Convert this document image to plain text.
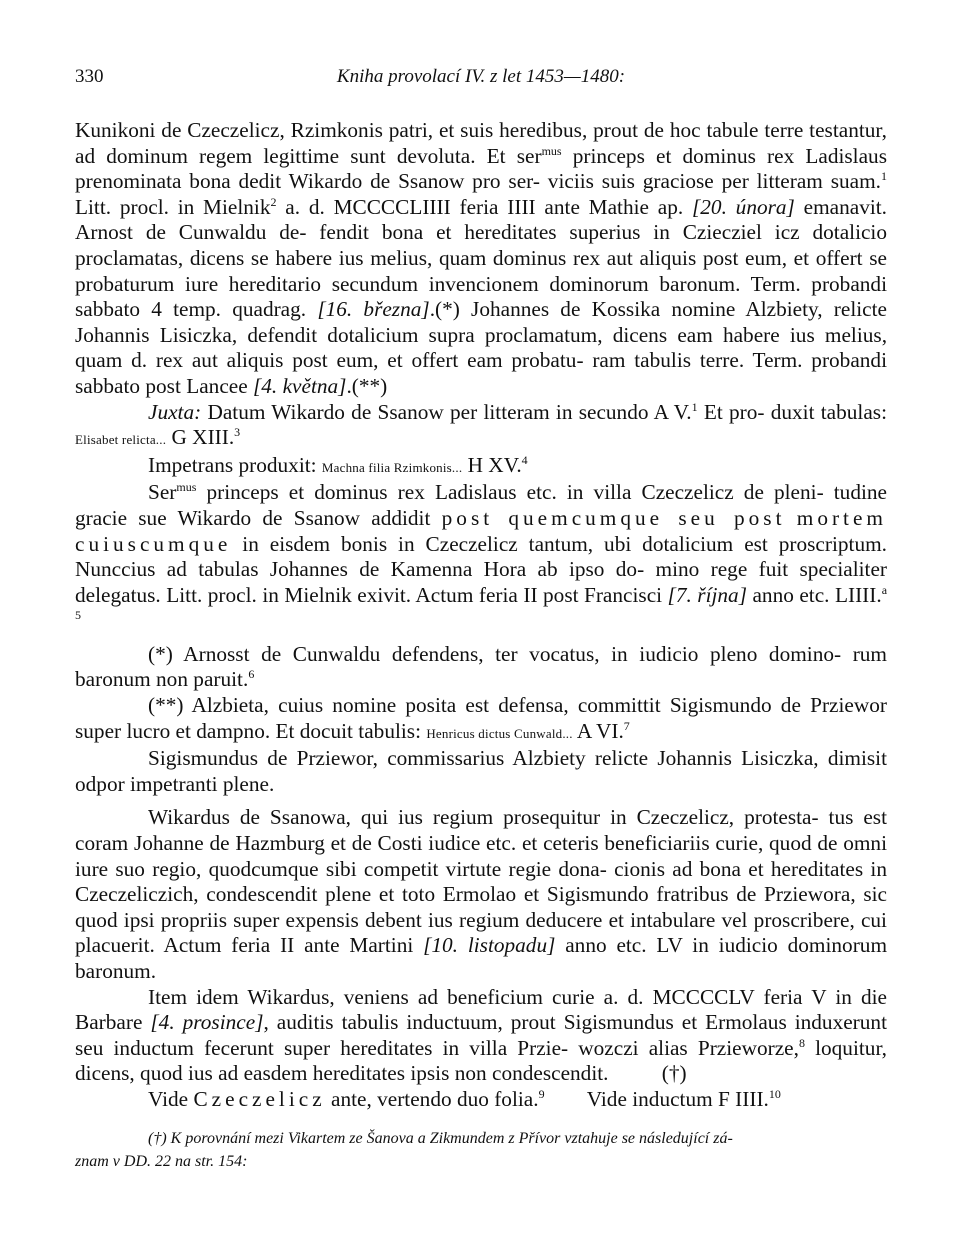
330	Kniha provolací IV. z let 1453—1480:

Kunikoni de Czeczelicz, Rzimkonis patri, et suis heredibus, prout de hoc tabule terre testantur, ad dominum regem legittime sunt devoluta. Et ser$^{mus}$ princeps et dominus rex Ladislaus prenominata bona dedit Wikardo de Ssanow pro ser- viciis suis graciose per litteram suam.$^1$ Litt. procl. in Mielnik$^2$ a. d. MCCCCLIIII feria IIII ante Mathie ap. [20. února] emanavit. Arnost de Cunwaldu de- fendit bona et hereditates superius in Cziecziel icz dotalicio proclamatas, dicens se habere ius melius, quam dominus rex aut aliquis post eum, et offert se probaturum iure hereditario secundum invencionem dominorum baronum. Term. probandi sabbato 4 temp. quadrag. [16. března].(*) Johannes de Kossika nomine Alzbiety, relicte Johannis Lisiczka, defendit dotalicium supra proclamatum, dicens eam habere ius melius, quam d. rex aut aliquis post eum, et offert eam probatu- ram tabulis terre. Term. probandi sabbato post Lancee [4. května].(**)

Juxta: Datum Wikardo de Ssanow per litteram in secundo A V.$^1$ Et pro- duxit tabulas: Elisabet relicta... G XIII.$^3$

Impetrans produxit: Machna filia Rzimkonis... H XV.$^4$

Ser$^{mus}$ princeps et dominus rex Ladislaus etc. in villa Czeczelicz de pleni- tudine gracie sue Wikardo de Ssanow addidit post quemcumque seu post mortem cuiuscumque in eisdem bonis in Czeczelicz tantum, ubi dotalicium est proscriptum. Nunccius ad tabulas Johannes de Kamenna Hora ab ipso do- mino rege fuit specialiter delegatus. Litt. procl. in Mielnik exivit. Actum feria II post Francisci [7. října] anno etc. LIIII.$^{a 5}$

(*) Arnosst de Cunwaldu defendens, ter vocatus, in iudicio pleno domino- rum baronum non paruit.$^6$

(**) Alzbieta, cuius nomine posita est defensa, committit Sigismundo de Prziewor super lucro et dampno. Et docuit tabulis: Henricus dictus Cunwald... A VI.$^7$

Sigismundus de Prziewor, commissarius Alzbiety relicte Johannis Lisiczka, dimisit odpor impetranti plene.

Wikardus de Ssanowa, qui ius regium prosequitur in Czeczelicz, protesta- tus est coram Johanne de Hazmburg et de Costi iudice etc. et ceteris beneficiariis curie, quod de omni iure suo regio, quodcumque sibi competit virtute regie dona- cionis ad bona et hereditates in Czeczeliczich, condescendit plene et toto Ermolao et Sigismundo fratribus de Prziewora, sic quod ipsi propriis super expensis debent ius regium deducere et intabulare vel proscribere, cui placuerit. Actum feria II ante Martini [10. listopadu] anno etc. LV in iudicio dominorum baronum.

Item idem Wikardus, veniens ad beneficium curie a. d. MCCCCLV feria V in die Barbare [4. prosince], auditis tabulis inductuum, prout Sigismundus et Ermolaus induxerunt seu inductum fecerunt super hereditates in villa Przie- wozczi alias Przieworze,$^8$ loquitur, dicens, quod ius ad easdem hereditates ipsis non condescendit.          (†)

Vide Czeczelicz ante, vertendo duo folia.$^9$        Vide inductum F IIII.$^{10}$

(†) K porovnání mezi Vikartem ze Šanova a Zikmundem z Přívor vztahuje se následující zá-
znam v DD. 22 na str. 154:
